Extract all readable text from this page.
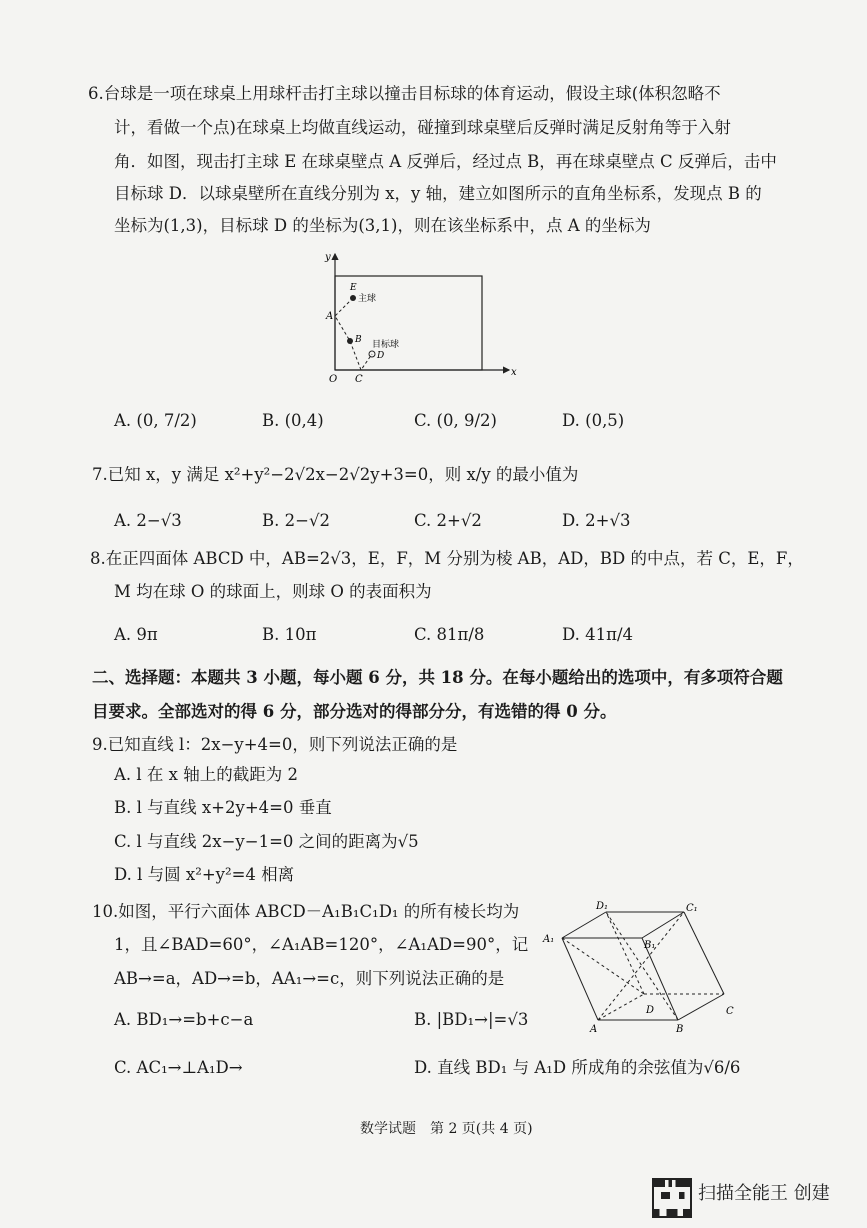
6.台球是一项在球桌上用球杆击打主球以撞击目标球的体育运动，假设主球(体积忽略不
计，看做一个点)在球桌上均做直线运动，碰撞到球桌壁后反弹时满足反射角等于入射
角．如图，现击打主球 E 在球桌壁点 A 反弹后，经过点 B，再在球桌壁点 C 反弹后，击中
目标球 D．以球桌壁所在直线分别为 x，y 轴，建立如图所示的直角坐标系，发现点 B 的
坐标为(1,3)，目标球 D 的坐标为(3,1)，则在该坐标系中，点 A 的坐标为
y
x
O
A
B
C
D
E
主球
目标球
A. (0, 7/2)	B. (0,4)	C. (0, 9/2)	D. (0,5)
7.已知 x，y 满足 x²+y²−2√2x−2√2y+3=0，则 x/y 的最小值为
A. 2−√3	B. 2−√2	C. 2+√2	D. 2+√3
8.在正四面体 ABCD 中，AB=2√3，E，F，M 分别为棱 AB，AD，BD 的中点，若 C，E，F，
M 均在球 O 的球面上，则球 O 的表面积为
A. 9π	B. 10π	C. 81π/8	D. 41π/4
二、选择题：本题共 3 小题，每小题 6 分，共 18 分。在每小题给出的选项中，有多项符合题
目要求。全部选对的得 6 分，部分选对的得部分分，有选错的得 0 分。
9.已知直线 l：2x−y+4=0，则下列说法正确的是
A. l 在 x 轴上的截距为 2
B. l 与直线 x+2y+4=0 垂直
C. l 与直线 2x−y−1=0 之间的距离为√5
D. l 与圆 x²+y²=4 相离
10.如图，平行六面体 ABCD－A₁B₁C₁D₁ 的所有棱长均为
1，且∠BAD=60°，∠A₁AB=120°，∠A₁AD=90°，记
AB→=a，AD→=b，AA₁→=c，则下列说法正确的是
A. BD₁→=b+c−a	B. |BD₁→|=√3
C. AC₁→⊥A₁D→	D. 直线 BD₁ 与 A₁D 所成角的余弦值为√6/6
A	B
C
D
A₁
B₁
C₁
D₁
数学试题　第 2 页(共 4 页)
扫描全能王 创建
